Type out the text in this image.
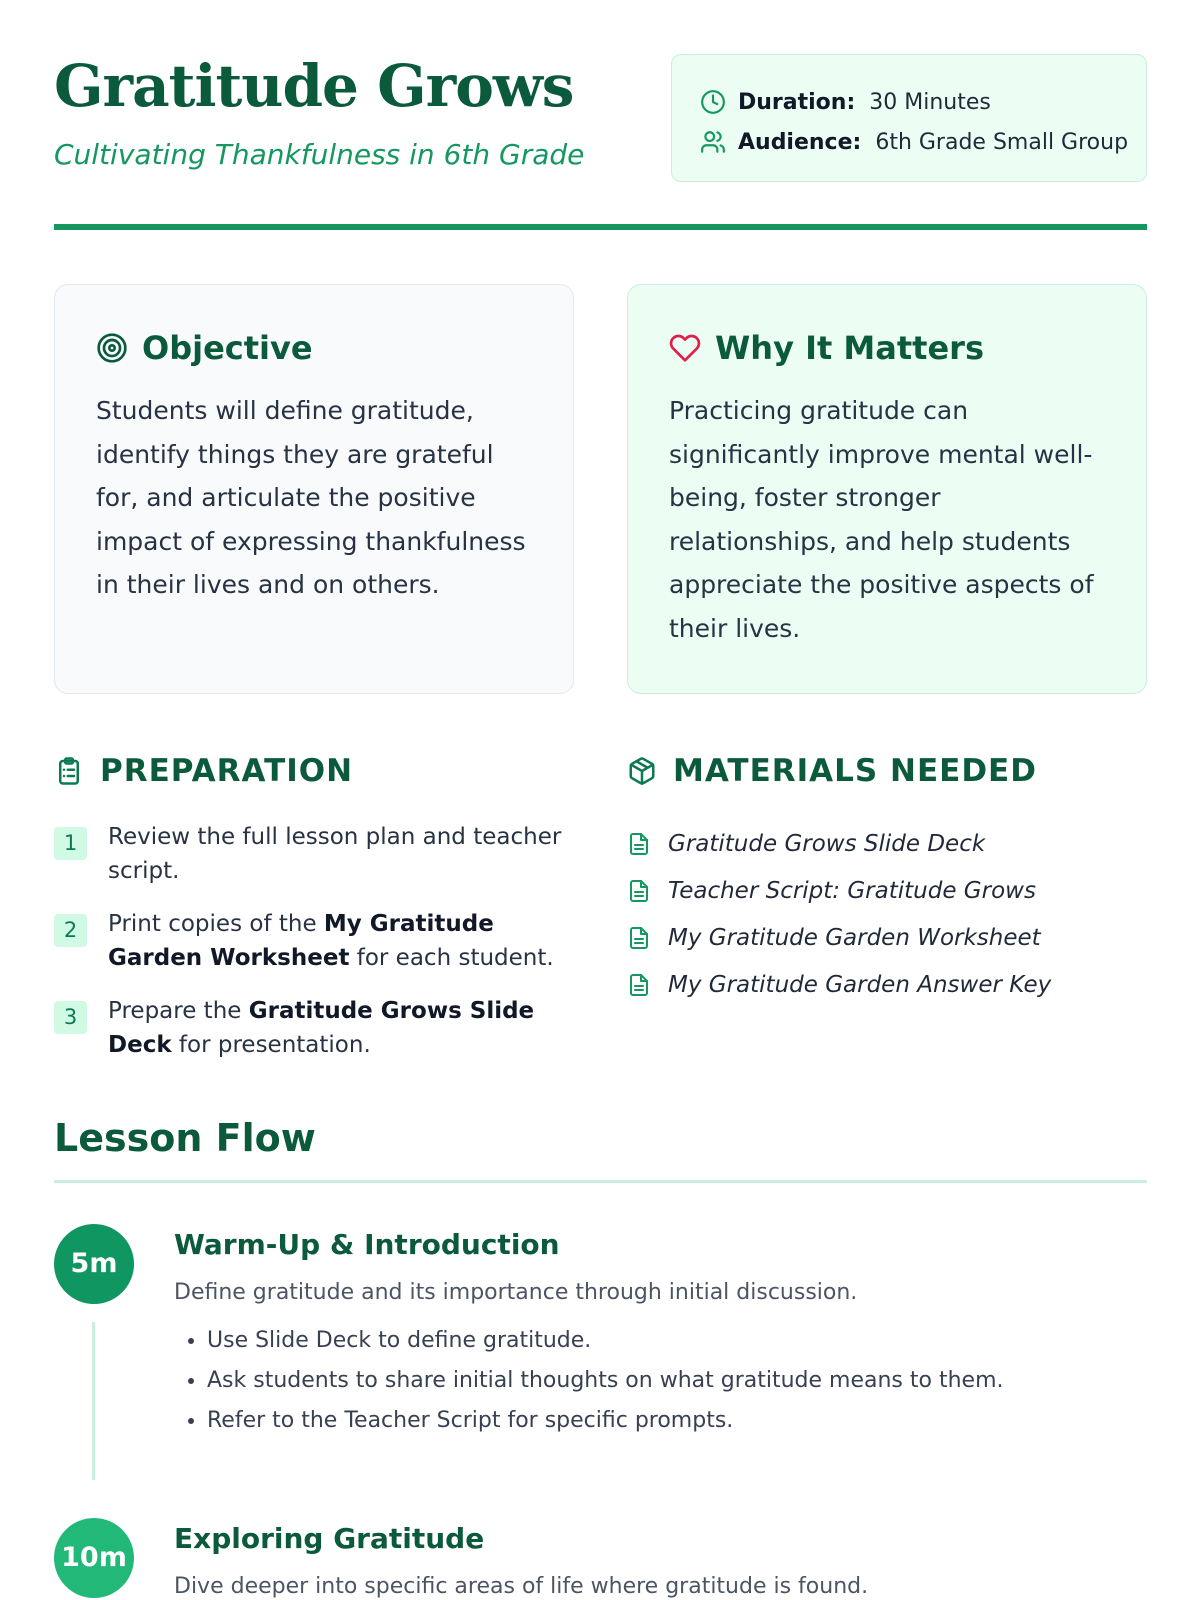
Gratitude Grows

Cultivating Thankfulness in 6th Grade

Duration: 30 Minutes
Audience: 6th Grade Small Group
Objective

Students will define gratitude, identify things they are grateful for, and articulate the positive impact of expressing thankfulness in their lives and on others.

Why It Matters

Practicing gratitude can significantly improve mental well-being, foster stronger relationships, and help students appreciate the positive aspects of their lives.

PREPARATION
1	Review the full lesson plan and teacher script.
2	Print copies of the My Gratitude Garden Worksheet for each student.
3	Prepare the Gratitude Grows Slide Deck for presentation.
MATERIALS NEEDED
Gratitude Grows Slide Deck
Teacher Script: Gratitude Grows
My Gratitude Garden Worksheet
My Gratitude Garden Answer Key
Lesson Flow
5m
Warm-Up & Introduction

Define gratitude and its importance through initial discussion.

• Use Slide Deck to define gratitude.
• Ask students to share initial thoughts on what gratitude means to them.
• Refer to the Teacher Script for specific prompts.
10m
Exploring Gratitude

Dive deeper into specific areas of life where gratitude is found.
